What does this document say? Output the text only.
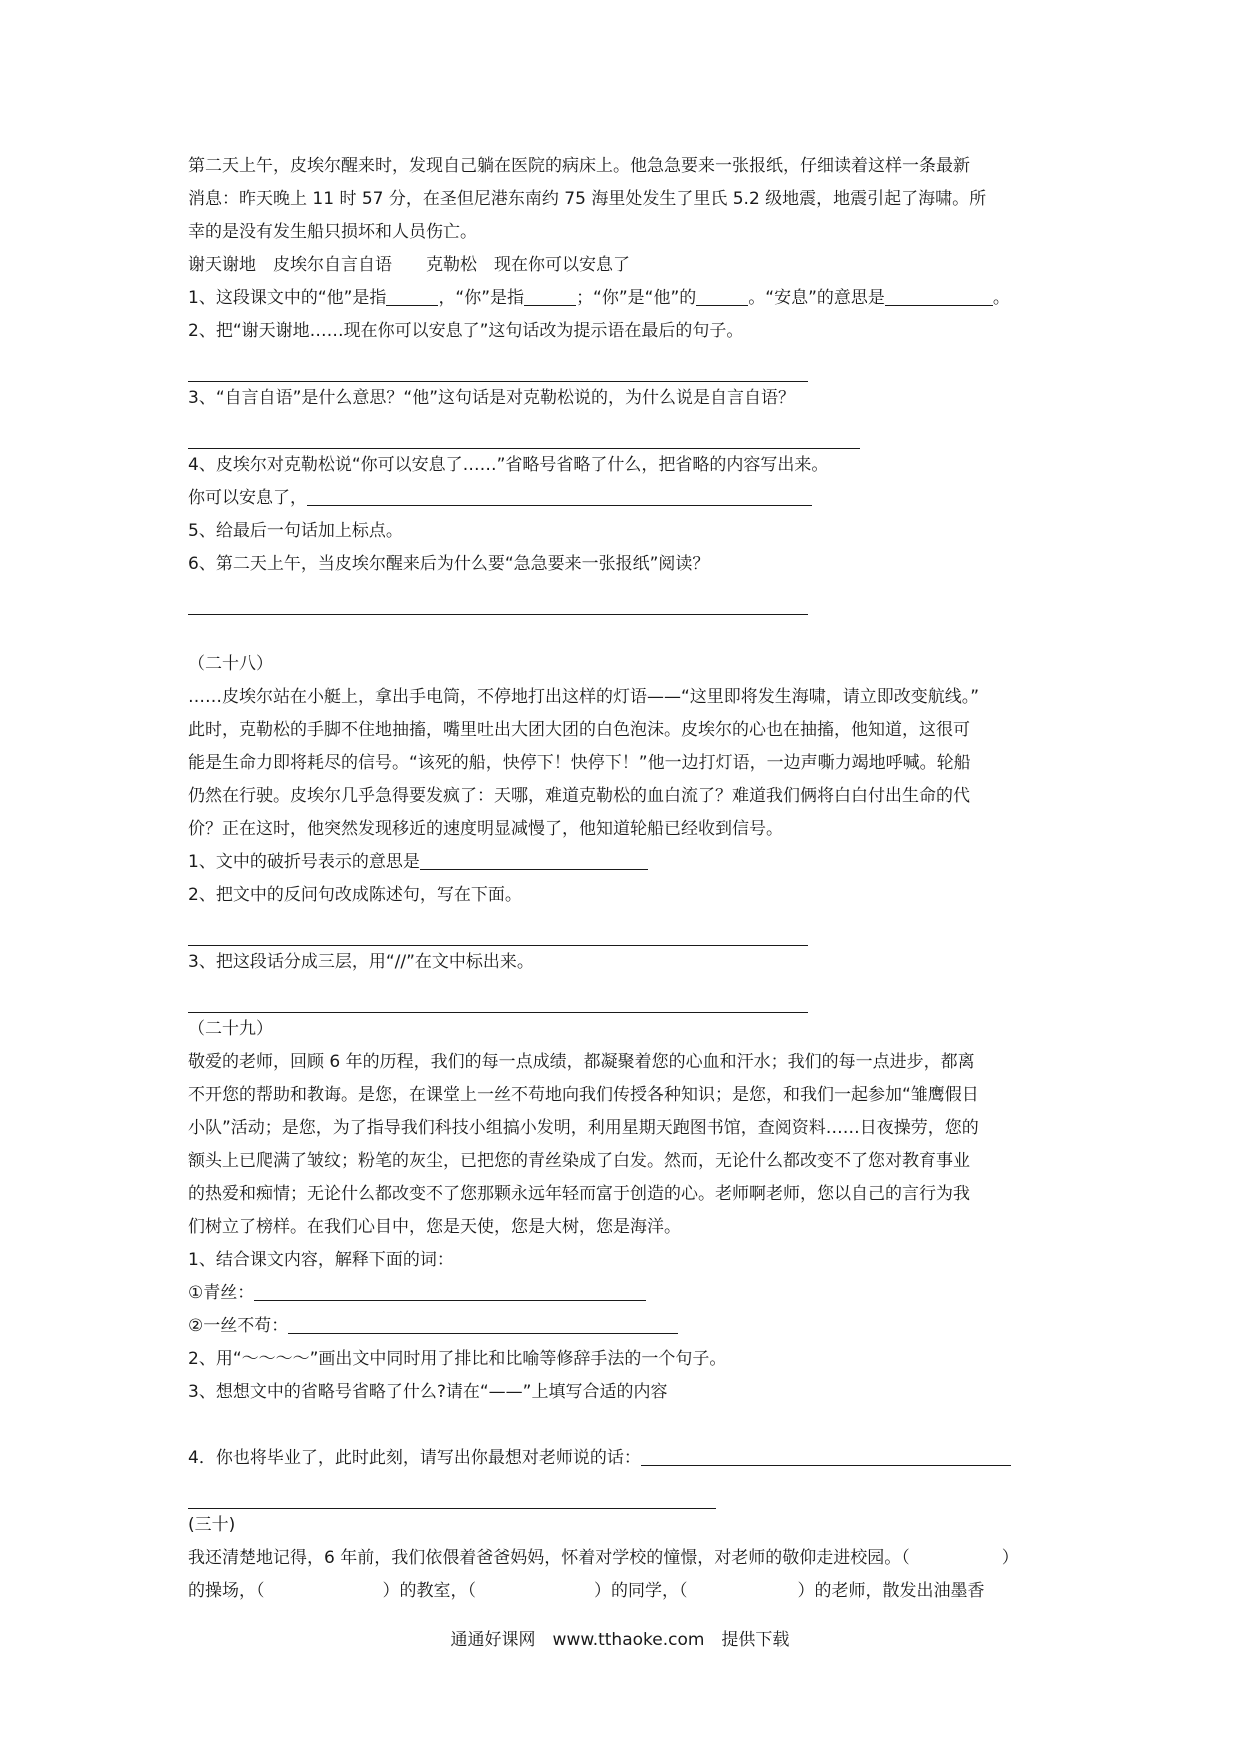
第二天上午，皮埃尔醒来时，发现自己躺在医院的病床上。他急急要来一张报纸，仔细读着这样一条最新

消息：昨天晚上 11 时 57 分，在圣但尼港东南约 75 海里处发生了里氏 5.2 级地震，地震引起了海啸。所

幸的是没有发生船只损坏和人员伤亡。

谢天谢地　皮埃尔自言自语　　克勒松　现在你可以安息了

1、这段课文中的“他”是指	，“你”是指	；“你”是“他”的	。“安息”的意思是	。

2、把“谢天谢地……现在你可以安息了”这句话改为提示语在最后的句子。

3、“自言自语”是什么意思？“他”这句话是对克勒松说的，为什么说是自言自语？

4、皮埃尔对克勒松说“你可以安息了……”省略号省略了什么，把省略的内容写出来。

你可以安息了，

5、给最后一句话加上标点。

6、第二天上午，当皮埃尔醒来后为什么要“急急要来一张报纸”阅读？

（二十八）

……皮埃尔站在小艇上，拿出手电筒，不停地打出这样的灯语——“这里即将发生海啸，请立即改变航线。”

此时，克勒松的手脚不住地抽搐，嘴里吐出大团大团的白色泡沫。皮埃尔的心也在抽搐，他知道，这很可

能是生命力即将耗尽的信号。“该死的船，快停下！快停下！”他一边打灯语，一边声嘶力竭地呼喊。轮船

仍然在行驶。皮埃尔几乎急得要发疯了：天哪，难道克勒松的血白流了？难道我们俩将白白付出生命的代

价？正在这时，他突然发现移近的速度明显减慢了，他知道轮船已经收到信号。

1、文中的破折号表示的意思是

2、把文中的反问句改成陈述句，写在下面。

3、把这段话分成三层，用“//”在文中标出来。

（二十九）

敬爱的老师，回顾 6 年的历程，我们的每一点成绩，都凝聚着您的心血和汗水；我们的每一点进步，都离

不开您的帮助和教诲。是您，在课堂上一丝不苟地向我们传授各种知识；是您，和我们一起参加“雏鹰假日

小队”活动；是您，为了指导我们科技小组搞小发明，利用星期天跑图书馆，查阅资料……日夜操劳，您的

额头上已爬满了皱纹；粉笔的灰尘，已把您的青丝染成了白发。然而，无论什么都改变不了您对教育事业

的热爱和痴情；无论什么都改变不了您那颗永远年轻而富于创造的心。老师啊老师，您以自己的言行为我

们树立了榜样。在我们心目中，您是天使，您是大树，您是海洋。

1、结合课文内容，解释下面的词：

①青丝：

②一丝不苟：

2、用“～～～～”画出文中同时用了排比和比喻等修辞手法的一个句子。

3、想想文中的省略号省略了什么?请在“——”上填写合适的内容

4．你也将毕业了，此时此刻，请写出你最想对老师说的话：

(三十)

我还清楚地记得，6 年前，我们依偎着爸爸妈妈，怀着对学校的憧憬，对老师的敬仰走进校园。（	）

的操场，（	）的教室，（	）的同学，（	）的老师，散发出油墨香

通通好课网　www.tthaoke.com　提供下载
